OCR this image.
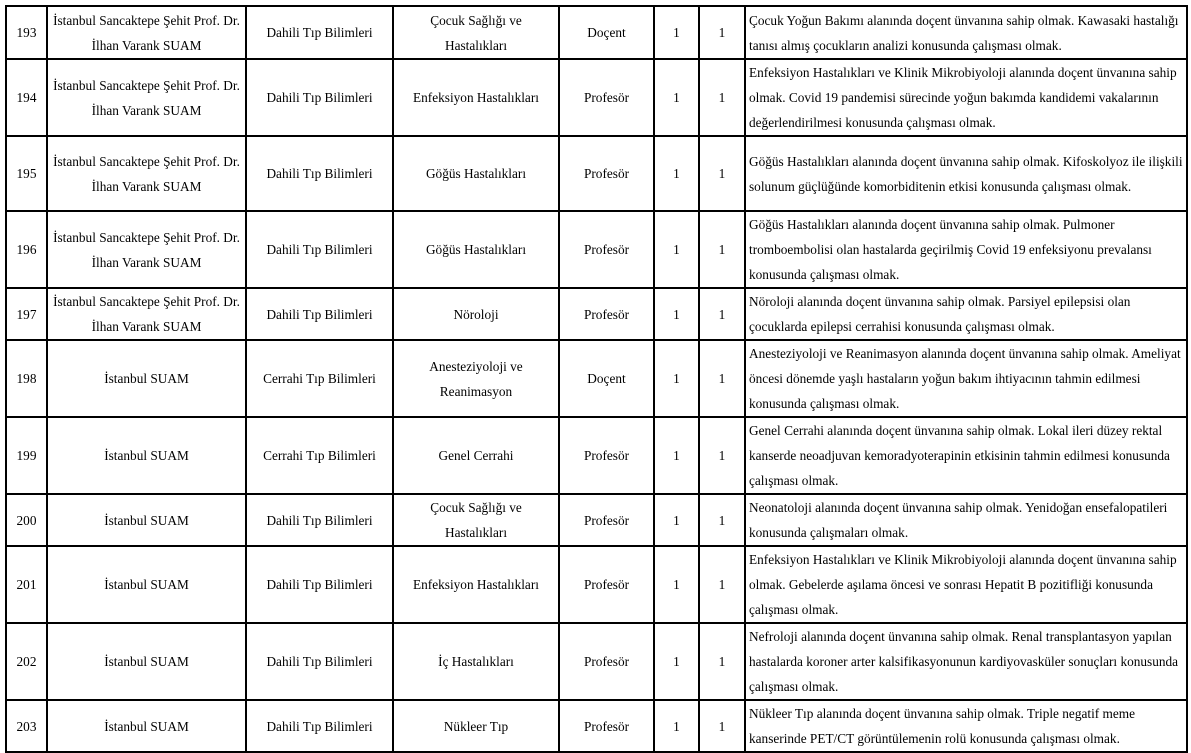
193	İstanbul Sancaktepe Şehit Prof. Dr. İlhan Varank SUAM	Dahili Tıp Bilimleri	Çocuk Sağlığı ve Hastalıkları	Doçent	1	1	Çocuk Yoğun Bakımı alanında doçent ünvanına sahip olmak. Kawasaki hastalığı tanısı almış çocukların analizi konusunda çalışması olmak.
194	İstanbul Sancaktepe Şehit Prof. Dr. İlhan Varank SUAM	Dahili Tıp Bilimleri	Enfeksiyon Hastalıkları	Profesör	1	1	Enfeksiyon Hastalıkları ve Klinik Mikrobiyoloji alanında doçent ünvanına sahip olmak. Covid 19 pandemisi sürecinde yoğun bakımda kandidemi vakalarının değerlendirilmesi konusunda çalışması olmak.
195	İstanbul Sancaktepe Şehit Prof. Dr. İlhan Varank SUAM	Dahili Tıp Bilimleri	Göğüs Hastalıkları	Profesör	1	1	Göğüs Hastalıkları alanında doçent ünvanına sahip olmak. Kifoskolyoz ile ilişkili solunum güçlüğünde komorbiditenin etkisi konusunda çalışması olmak.
196	İstanbul Sancaktepe Şehit Prof. Dr. İlhan Varank SUAM	Dahili Tıp Bilimleri	Göğüs Hastalıkları	Profesör	1	1	Göğüs Hastalıkları alanında doçent ünvanına sahip olmak. Pulmoner tromboembolisi olan hastalarda geçirilmiş Covid 19 enfeksiyonu prevalansı konusunda çalışması olmak.
197	İstanbul Sancaktepe Şehit Prof. Dr. İlhan Varank SUAM	Dahili Tıp Bilimleri	Nöroloji	Profesör	1	1	Nöroloji alanında doçent ünvanına sahip olmak. Parsiyel epilepsisi olan çocuklarda epilepsi cerrahisi konusunda çalışması olmak.
198	İstanbul SUAM	Cerrahi Tıp Bilimleri	Anesteziyoloji ve Reanimasyon	Doçent	1	1	Anesteziyoloji ve Reanimasyon alanında doçent ünvanına sahip olmak. Ameliyat öncesi dönemde yaşlı hastaların yoğun bakım ihtiyacının tahmin edilmesi konusunda çalışması olmak.
199	İstanbul SUAM	Cerrahi Tıp Bilimleri	Genel Cerrahi	Profesör	1	1	Genel Cerrahi alanında doçent ünvanına sahip olmak. Lokal ileri düzey rektal kanserde neoadjuvan kemoradyoterapinin etkisinin tahmin edilmesi konusunda çalışması olmak.
200	İstanbul SUAM	Dahili Tıp Bilimleri	Çocuk Sağlığı ve Hastalıkları	Profesör	1	1	Neonatoloji alanında doçent ünvanına sahip olmak. Yenidoğan ensefalopatileri konusunda çalışmaları olmak.
201	İstanbul SUAM	Dahili Tıp Bilimleri	Enfeksiyon Hastalıkları	Profesör	1	1	Enfeksiyon Hastalıkları ve Klinik Mikrobiyoloji alanında doçent ünvanına sahip olmak. Gebelerde aşılama öncesi ve sonrası Hepatit B pozitifliği konusunda çalışması olmak.
202	İstanbul SUAM	Dahili Tıp Bilimleri	İç Hastalıkları	Profesör	1	1	Nefroloji alanında doçent ünvanına sahip olmak. Renal transplantasyon yapılan hastalarda koroner arter kalsifikasyonunun kardiyovasküler sonuçları konusunda çalışması olmak.
203	İstanbul SUAM	Dahili Tıp Bilimleri	Nükleer Tıp	Profesör	1	1	Nükleer Tıp alanında doçent ünvanına sahip olmak. Triple negatif meme kanserinde PET/CT görüntülemenin rolü konusunda çalışması olmak.
